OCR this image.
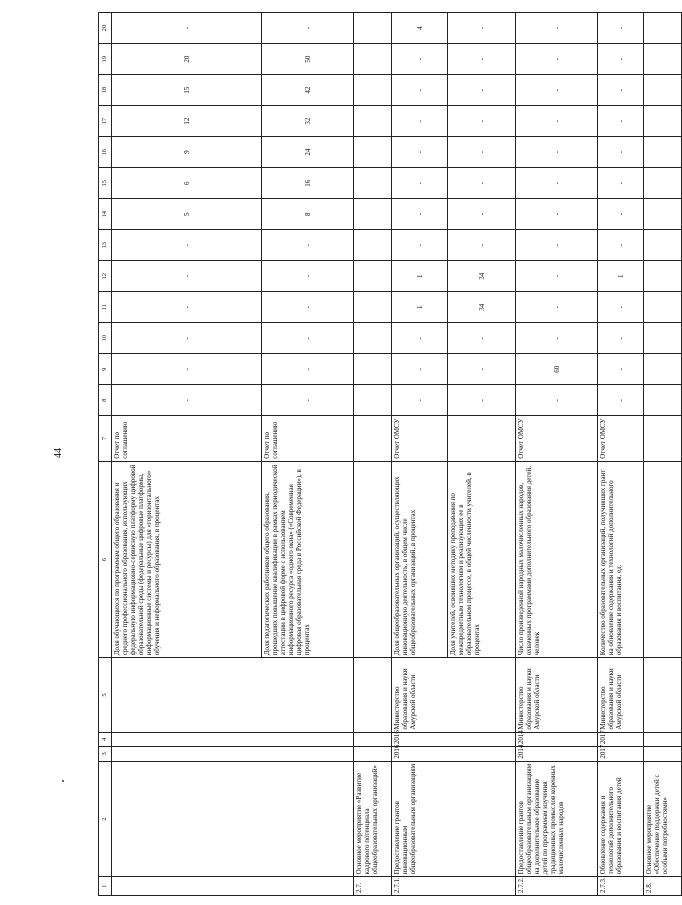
44
1	2	3	4	5	6	7	8	9	10	11	12	13	14	15	16	17	18	19	20
					Доля обучающихся по программам общего образования и среднего профессионального образования, использующих федеральную информационно-сервисную платформу цифровой образовательной среды (федеральные цифровые платформы, информационные системы и ресурсы) для «горизонтального» обучения и неформального образования, в процентах	Отчет по соглашению	-	-	-	-	-	-	5	6	9	12	15	20	-
					Доля педагогических работников общего образования, прошедших повышение квалификации в рамках периодической аттестации в цифровой форме с использованием информационного ресурса «одного окна» («Современная цифровая образовательная среда в Российской Федерации»), в процентах	Отчет по соглашению	-	-	-	-	-	-	8	16	24	32	42	50	-
2.7.	Основное мероприятие «Развитие кадрового потенциала общеобразовательных организаций»																		
2.7.1.	Предоставление грантов инновационным общеобразовательным организациям	2016	2016	Министерство образования и науки Амурской области	Доля общеобразовательных организаций, осуществляющих инновационную деятельность, в общем числе общеобразовательных организаций, в процентах	Отчет ОМСУ	-	-	-	1	1	-	-	-	-	-	-	-	4
					Доля учителей, освоивших методику преподавания по межпредметным технологиям и реализующих ее в образовательном процессе, в общей численности учителей, в процентах		-	-	-	34	34	-	-	-	-	-	-	-	-
2.7.2.	Предоставление грантов общеобразовательным организациям на дополнительное образование детей по программам изучения традиционных промыслов коренных малочисленных народов	2014	2014	Министерство образования и науки Амурской области	Число произведенной народных малочисленных народов, охваченных программами дополнительного образования детей, человек	Отчет ОМСУ	-	60	-	-	-	-	-	-	-	-	-	-	-
2.7.3.	Обновление содержания и технологий дополнительного образования и воспитания детей	2017	2017	Министерство образования и науки Амурской области	Количество образовательных организаций, получивших грант на обновление содержания и технологий дополнительного образования и воспитания, ед.	Отчет ОМСУ	-	-	-	-	1	-	-	-	-	-	-	-	-
2.8.	Основное мероприятие «Обеспечение поддержки детей с особыми потребностями»																		
